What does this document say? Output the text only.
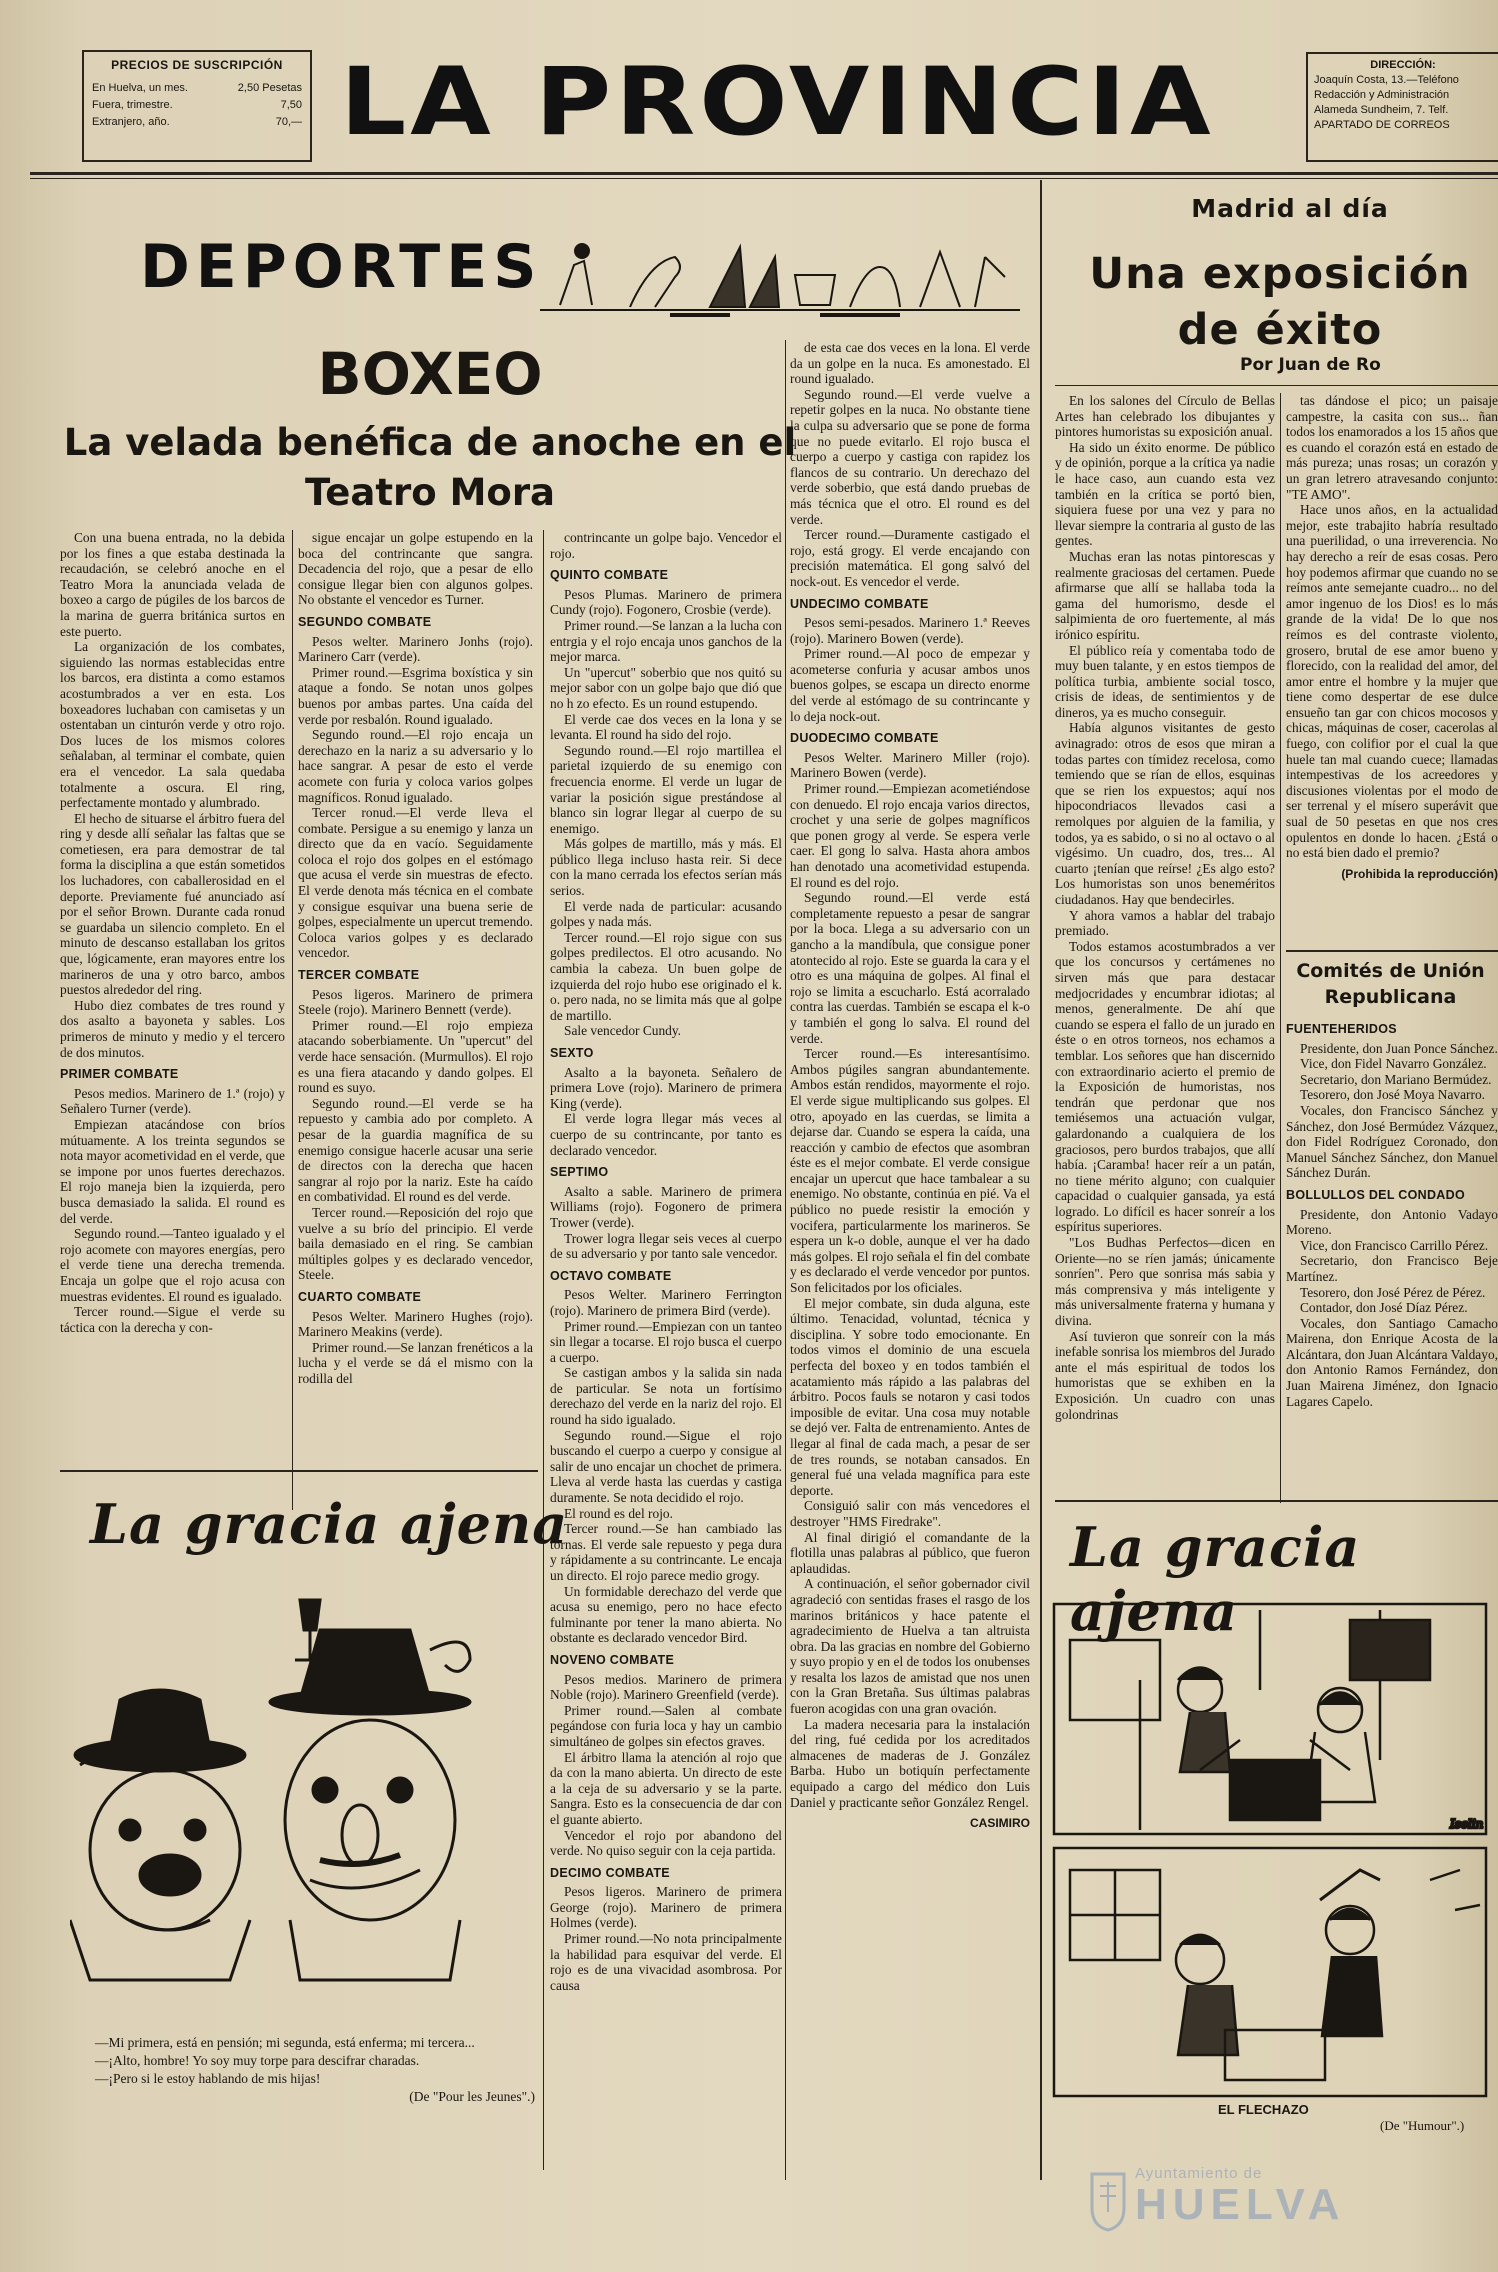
PRECIOS DE SUSCRIPCIÓN
En Huelva, un mes.	2,50 Pesetas
Fuera, trimestre.	7,50
Extranjero, año.	70,— LA PROVINCIA	DIRECCIÓN:
Joaquín Costa, 13.—Teléfono
Redacción y Administración
Alameda Sundheim, 7. Telf.
APARTADO DE CORREOS
DEPORTES
BOXEO
La velada benéfica de anoche en el Teatro Mora

Con una buena entrada, no la debida por los fines a que estaba destinada la recaudación, se celebró anoche en el Teatro Mora la anunciada velada de boxeo a cargo de púgiles de los barcos de la marina de guerra británica surtos en este puerto.

La organización de los combates, siguiendo las normas establecidas entre los barcos, era distinta a como estamos acostumbrados a ver en esta. Los boxeadores luchaban con camisetas y un ostentaban un cinturón verde y otro rojo. Dos luces de los mismos colores señalaban, al terminar el combate, quien era el vencedor. La sala quedaba totalmente a oscura. El ring, perfectamente montado y alumbrado.

El hecho de situarse el árbitro fuera del ring y desde allí señalar las faltas que se cometiesen, era para demostrar de tal forma la disciplina a que están sometidos los luchadores, con caballerosidad en el deporte. Previamente fué anunciado así por el señor Brown. Durante cada ronud se guardaba un silencio completo. En el minuto de descanso estallaban los gritos que, lógicamente, eran mayores entre los marineros de una y otro barco, ambos puestos alrededor del ring.

Hubo diez combates de tres round y dos asalto a bayoneta y sables. Los primeros de minuto y medio y el tercero de dos minutos.

PRIMER COMBATE

Pesos medios. Marinero de 1.ª (rojo) y Señalero Turner (verde).

Empiezan atacándose con bríos mútuamente. A los treinta segundos se nota mayor acometividad en el verde, que se impone por unos fuertes derechazos. El rojo maneja bien la izquierda, pero busca demasiado la salida. El round es del verde.

Segundo round.—Tanteo igualado y el rojo acomete con mayores energías, pero el verde tiene una derecha tremenda. Encaja un golpe que el rojo acusa con muestras evidentes. El round es igualado.

Tercer round.—Sigue el verde su táctica con la derecha y con-

sigue encajar un golpe estupendo en la boca del contrincante que sangra. Decadencia del rojo, que a pesar de ello consigue llegar bien con algunos golpes. No obstante el vencedor es Turner.

SEGUNDO COMBATE

Pesos welter. Marinero Jonhs (rojo). Marinero Carr (verde).

Primer round.—Esgrima boxística y sin ataque a fondo. Se notan unos golpes buenos por ambas partes. Una caída del verde por resbalón. Round igualado.

Segundo round.—El rojo encaja un derechazo en la nariz a su adversario y lo hace sangrar. A pesar de esto el verde acomete con furia y coloca varios golpes magníficos. Ronud igualado.

Tercer ronud.—El verde lleva el combate. Persigue a su enemigo y lanza un directo que da en vacío. Seguidamente coloca el rojo dos golpes en el estómago que acusa el verde sin muestras de efecto. El verde denota más técnica en el combate y consigue esquivar una buena serie de golpes, especialmente un upercut tremendo. Coloca varios golpes y es declarado vencedor.

TERCER COMBATE

Pesos ligeros. Marinero de primera Steele (rojo). Marinero Bennett (verde).

Primer round.—El rojo empieza atacando soberbiamente. Un "upercut" del verde hace sensación. (Murmullos). El rojo es una fiera atacando y dando golpes. El round es suyo.

Segundo round.—El verde se ha repuesto y cambia ado por completo. A pesar de la guardia magnífica de su enemigo consigue hacerle acusar una serie de directos con la derecha que hacen sangrar al rojo por la nariz. Este ha caído en combatividad. El round es del verde.

Tercer round.—Reposición del rojo que vuelve a su brío del principio. El verde baila demasiado en el ring. Se cambian múltiples golpes y es declarado vencedor, Steele.

CUARTO COMBATE

Pesos Welter. Marinero Hughes (rojo). Marinero Meakins (verde).

Primer round.—Se lanzan frenéticos a la lucha y el verde se dá el mismo con la rodilla del

contrincante un golpe bajo. Vencedor el rojo.

QUINTO COMBATE

Pesos Plumas. Marinero de primera Cundy (rojo). Fogonero, Crosbie (verde).

Primer round.—Se lanzan a la lucha con entrgia y el rojo encaja unos ganchos de la mejor marca.

Un "upercut" soberbio que nos quitó su mejor sabor con un golpe bajo que dió que no h zo efecto. Es un round estupendo.

El verde cae dos veces en la lona y se levanta. El round ha sido del rojo.

Segundo round.—El rojo martillea el parietal izquierdo de su enemigo con frecuencia enorme. El verde un lugar de variar la posición sigue prestándose al blanco sin lograr llegar al cuerpo de su enemigo.

Más golpes de martillo, más y más. El público llega incluso hasta reir. Si dece con la mano cerrada los efectos serían más serios.

El verde nada de particular: acusando golpes y nada más.

Tercer round.—El rojo sigue con sus golpes predilectos. El otro acusando. No cambia la cabeza. Un buen golpe de izquierda del rojo hubo ese originado el k. o. pero nada, no se limita más que al golpe de martillo.

Sale vencedor Cundy.

SEXTO

Asalto a la bayoneta. Señalero de primera Love (rojo). Marinero de primera King (verde).

El verde logra llegar más veces al cuerpo de su contrincante, por tanto es declarado vencedor.

SEPTIMO

Asalto a sable. Marinero de primera Williams (rojo). Fogonero de primera Trower (verde).

Trower logra llegar seis veces al cuerpo de su adversario y por tanto sale vencedor.

OCTAVO COMBATE

Pesos Welter. Marinero Ferrington (rojo). Marinero de primera Bird (verde).

Primer round.—Empiezan con un tanteo sin llegar a tocarse. El rojo busca el cuerpo a cuerpo.

Se castigan ambos y la salida sin nada de particular. Se nota un fortísimo derechazo del verde en la nariz del rojo. El round ha sido igualado.

Segundo round.—Sigue el rojo buscando el cuerpo a cuerpo y consigue al salir de uno encajar un chochet de primera. Lleva al verde hasta las cuerdas y castiga duramente. Se nota decidido el rojo.

El round es del rojo.

Tercer round.—Se han cambiado las tornas. El verde sale repuesto y pega dura y rápidamente a su contrincante. Le encaja un directo. El rojo parece medio grogy.

Un formidable derechazo del verde que acusa su enemigo, pero no hace efecto fulminante por tener la mano abierta. No obstante es declarado vencedor Bird.

NOVENO COMBATE

Pesos medios. Marinero de primera Noble (rojo). Marinero Greenfield (verde).

Primer round.—Salen al combate pegándose con furia loca y hay un cambio simultáneo de golpes sin efectos graves.

El árbitro llama la atención al rojo que da con la mano abierta. Un directo de este a la ceja de su adversario y se la parte. Sangra. Esto es la consecuencia de dar con el guante abierto.

Vencedor el rojo por abandono del verde. No quiso seguir con la ceja partida.

DECIMO COMBATE

Pesos ligeros. Marinero de primera George (rojo). Marinero de primera Holmes (verde).

Primer round.—No nota principalmente la habilidad para esquivar del verde. El rojo es de una vivacidad asombrosa. Por causa

de esta cae dos veces en la lona. El verde da un golpe en la nuca. Es amonestado. El round igualado.

Segundo round.—El verde vuelve a repetir golpes en la nuca. No obstante tiene la culpa su adversario que se pone de forma que no puede evitarlo. El rojo busca el cuerpo a cuerpo y castiga con rapidez los flancos de su contrario. Un derechazo del verde soberbio, que está dando pruebas de más técnica que el otro. El round es del verde.

Tercer round.—Duramente castigado el rojo, está grogy. El verde encajando con precisión matemática. El gong salvó del nock-out. Es vencedor el verde.

UNDECIMO COMBATE

Pesos semi-pesados. Marinero 1.ª Reeves (rojo). Marinero Bowen (verde).

Primer round.—Al poco de empezar y acometerse confuria y acusar ambos unos buenos golpes, se escapa un directo enorme del verde al estómago de su contrincante y lo deja nock-out.

DUODECIMO COMBATE

Pesos Welter. Marinero Miller (rojo). Marinero Bowen (verde).

Primer round.—Empiezan acometiéndose con denuedo. El rojo encaja varios directos, crochet y una serie de golpes magníficos que ponen grogy al verde. Se espera verle caer. El gong lo salva. Hasta ahora ambos han denotado una acometividad estupenda. El round es del rojo.

Segundo round.—El verde está completamente repuesto a pesar de sangrar por la boca. Llega a su adversario con un gancho a la mandíbula, que consigue poner atontecido al rojo. Este se guarda la cara y el otro es una máquina de golpes. Al final el rojo se limita a escucharlo. Está acorralado contra las cuerdas. También se escapa el k-o y también el gong lo salva. El round del verde.

Tercer round.—Es interesantísimo. Ambos púgiles sangran abundantemente. Ambos están rendidos, mayormente el rojo. El verde sigue multiplicando sus golpes. El otro, apoyado en las cuerdas, se limita a dejarse dar. Cuando se espera la caída, una reacción y cambio de efectos que asombran éste es el mejor combate. El verde consigue encajar un upercut que hace tambalear a su enemigo. No obstante, continúa en pié. Va el público no puede resistir la emoción y vocifera, particularmente los marineros. Se espera un k-o doble, aunque el ver ha dado más golpes. El rojo señala el fin del combate y es declarado el verde vencedor por puntos. Son felicitados por los oficiales.

El mejor combate, sin duda alguna, este último. Tenacidad, voluntad, técnica y disciplina. Y sobre todo emocionante. En todos vimos el dominio de una escuela perfecta del boxeo y en todos también el acatamiento más rápido a las palabras del árbitro. Pocos fauls se notaron y casi todos imposible de evitar. Una cosa muy notable se dejó ver. Falta de entrenamiento. Antes de llegar al final de cada mach, a pesar de ser de tres rounds, se notaban cansados. En general fué una velada magnífica para este deporte.

Consiguió salir con más vencedores el destroyer "HMS Firedrake".

Al final dirigió el comandante de la flotilla unas palabras al público, que fueron aplaudidas.

A continuación, el señor gobernador civil agradeció con sentidas frases el rasgo de los marinos británicos y hace patente el agradecimiento de Huelva a tan altruista obra. Da las gracias en nombre del Gobierno y suyo propio y en el de todos los onubenses y resalta los lazos de amistad que nos unen con la Gran Bretaña. Sus últimas palabras fueron acogidas con una gran ovación.

La madera necesaria para la instalación del ring, fué cedida por los acreditados almacenes de maderas de J. González Barba. Hubo un botiquín perfectamente equipado a cargo del médico don Luis Daniel y practicante señor González Rengel.

CASIMIRO
La gracia ajena
—Mi primera, está en pensión; mi segunda, está enferma; mi tercera...
—¡Alto, hombre! Yo soy muy torpe para descifrar charadas.
—¡Pero si le estoy hablando de mis hijas!
(De "Pour les Jeunes".)
Madrid al día
Una exposición de éxito
Por Juan de Ro

En los salones del Círculo de Bellas Artes han celebrado los dibujantes y pintores humoristas su exposición anual.

Ha sido un éxito enorme. De público y de opinión, porque a la crítica ya nadie le hace caso, aun cuando esta vez también en la crítica se portó bien, siquiera fuese por una vez y para no llevar siempre la contraria al gusto de las gentes.

Muchas eran las notas pintorescas y realmente graciosas del certamen. Puede afirmarse que allí se hallaba toda la gama del humorismo, desde el salpimienta de oro fuertemente, al más irónico espíritu.

El público reía y comentaba todo de muy buen talante, y en estos tiempos de política turbia, ambiente social tosco, crisis de ideas, de sentimientos y de dineros, ya es mucho conseguir.

Había algunos visitantes de gesto avinagrado: otros de esos que miran a todas partes con tímidez recelosa, como temiendo que se rían de ellos, esquinas que se rien los expuestos; aquí nos hipocondriacos llevados casi a remolques por alguien de la familia, y todos, ya es sabido, o si no al octavo o al vigésimo. Un cuadro, dos, tres... Al cuarto ¡tenían que reírse! ¿Es algo esto? Los humoristas son unos beneméritos ciudadanos. Hay que bendecirles.

Y ahora vamos a hablar del trabajo premiado.

Todos estamos acostumbrados a ver que los concursos y certámenes no sirven más que para destacar medjocridades y encumbrar idiotas; al menos, generalmente. De ahí que cuando se espera el fallo de un jurado en éste o en otros torneos, nos echamos a temblar. Los señores que han discernido con extraordinario acierto el premio de la Exposición de humoristas, nos tendrán que perdonar que nos temiésemos una actuación vulgar, galardonando a cualquiera de los graciosos, pero burdos trabajos, que allí había. ¡Caramba! hacer reír a un patán, no tiene mérito alguno; con cualquier capacidad o cualquier gansada, ya está logrado. Lo difícil es hacer sonreír a los espíritus superiores.

"Los Budhas Perfectos—dicen en Oriente—no se ríen jamás; únicamente sonríen". Pero que sonrisa más sabia y más comprensiva y más inteligente y más universalmente fraterna y humana y divina.

Así tuvieron que sonreír con la más inefable sonrisa los miembros del Jurado ante el más espiritual de todos los humoristas que se exhiben en la Exposición. Un cuadro con unas golondrinas

tas dándose el pico; un paisaje campestre, la casita con sus... ñan todos los enamorados a los 15 años que es cuando el corazón está en estado de más pureza; unas rosas; un corazón y un gran letrero atravesando conjunto: "TE AMO".

Hace unos años, en la actualidad mejor, este trabajito habría resultado una puerilidad, o una irreverencia. No hay derecho a reír de esas cosas. Pero hoy podemos afirmar que cuando no se reímos ante semejante cuadro... no del amor ingenuo de los Dios! es lo más grande de la vida! De lo que nos reímos es del contraste violento, grosero, brutal de ese amor bueno y florecido, con la realidad del amor, del amor entre el hombre y la mujer que tiene como despertar de ese dulce ensueño tan gar con chicos mocosos y chicas, máquinas de coser, cacerolas al fuego, con colifior por el cual la que huele tan mal cuando cuece; llamadas intempestivas de los acreedores y discusiones violentas por el modo de ser terrenal y el mísero superávit que sual de 50 pesetas en que nos cres opulentos en donde lo hacen. ¿Está o no está bien dado el premio?

(Prohibida la reproducción)
Comités de Unión Republicana
FUENTEHERIDOS

Presidente, don Juan Ponce Sánchez.

Vice, don Fidel Navarro González.

Secretario, don Mariano Bermúdez.

Tesorero, don José Moya Navarro.

Vocales, don Francisco Sánchez y Sánchez, don José Bermúdez Vázquez, don Fidel Rodríguez Coronado, don Manuel Sánchez Sánchez, don Manuel Sánchez Durán.

BOLLULLOS DEL CONDADO

Presidente, don Antonio Vadayo Moreno.

Vice, don Francisco Carrillo Pérez.

Secretario, don Francisco Beje Martínez.

Tesorero, don José Pérez de Pérez.

Contador, don José Díaz Pérez.

Vocales, don Santiago Camacho Mairena, don Enrique Acosta de la Alcántara, don Juan Alcántara Valdayo, don Antonio Ramos Fernández, don Juan Mairena Jiménez, don Ignacio Lagares Capelo.

La gracia ajena
Iselin
EL FLECHAZO
(De "Humour".)
Ayuntamiento de
HUELVA
